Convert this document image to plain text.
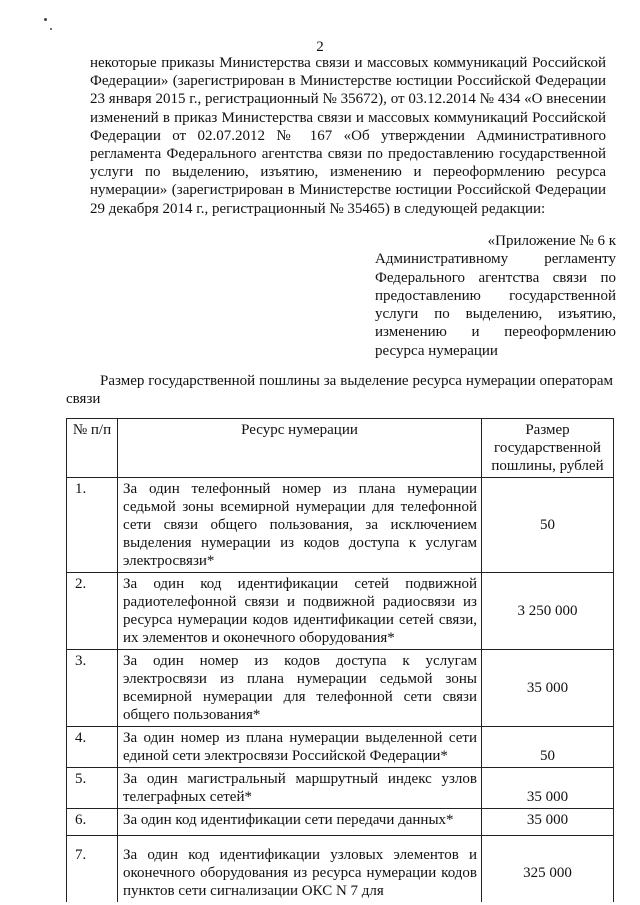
2

некоторые приказы Министерства связи и массовых коммуникаций Российской Федерации» (зарегистрирован в Министерстве юстиции Российской Федерации 23 января 2015 г., регистрационный № 35672), от 03.12.2014 № 434 «О внесении изменений в приказ Министерства связи и массовых коммуникаций Российской Федерации от 02.07.2012 № 167 «Об утверждении Административного регламента Федерального агентства связи по предоставлению государственной услуги по выделению, изъятию, изменению и переоформлению ресурса нумерации» (зарегистрирован в Министерстве юстиции Российской Федерации 29 декабря 2014 г., регистрационный № 35465) в следующей редакции:

«Приложение № 6 к
Административному регламенту Федерального агентства связи по предоставлению государственной услуги по выделению, изъятию, изменению и переоформлению ресурса нумерации

Размер государственной пошлины за выделение ресурса нумерации операторам связи

№ п/п	Ресурс нумерации	Размер государственной пошлины, рублей
1.	За один телефонный номер из плана нумерации седьмой зоны всемирной нумерации для телефонной сети связи общего пользования, за исключением выделения нумерации из кодов доступа к услугам электросвязи*	50
2.	За один код идентификации сетей подвижной радиотелефонной связи и подвижной радиосвязи из ресурса нумерации кодов идентификации сетей связи, их элементов и оконечного оборудования*	3 250 000
3.	За один номер из кодов доступа к услугам электросвязи из плана нумерации седьмой зоны всемирной нумерации для телефонной сети связи общего пользования*	35 000
4.	За один номер из плана нумерации выделенной сети единой сети электросвязи Российской Федерации*	50
5.	За один магистральный маршрутный индекс узлов телеграфных сетей*	35 000
6.	За один код идентификации сети передачи данных*	35 000
7.	За один код идентификации узловых элементов и оконечного оборудования из ресурса нумерации кодов пунктов сети сигнализации ОКС N 7 для	325 000
